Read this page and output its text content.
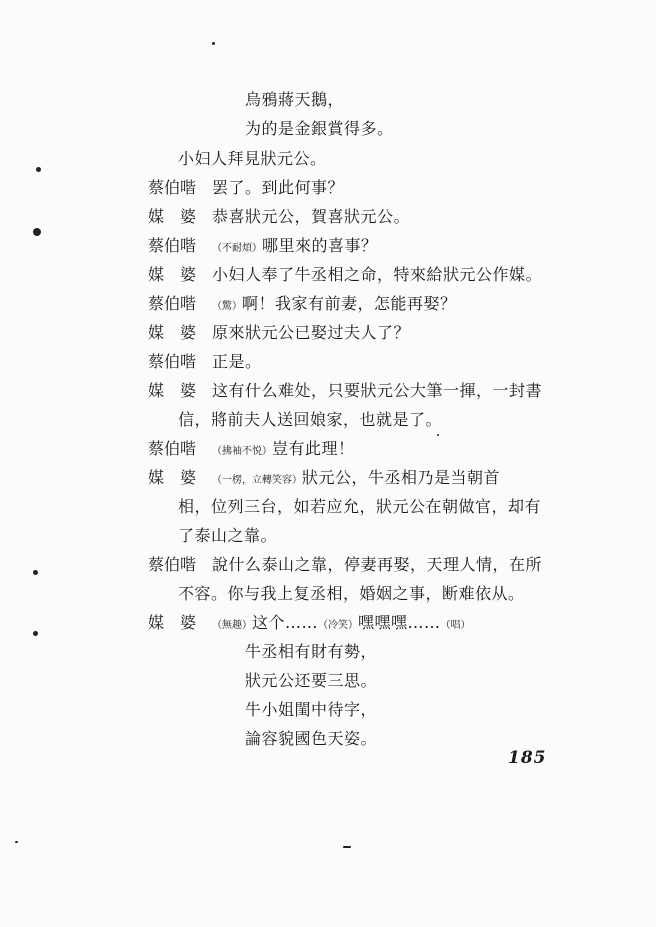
烏鴉蔣天鵝，
为的是金銀賞得多。
小妇人拜見狀元公。
蔡伯喈 罢了。到此何事？
媒　婆 恭喜狀元公，賀喜狀元公。
蔡伯喈 （不耐煩）哪里來的喜事？
媒　婆 小妇人奉了牛丞相之命，特來給狀元公作媒。
蔡伯喈 （驚）啊！我家有前妻，怎能再娶？
媒　婆 原來狀元公已娶过夫人了？
蔡伯喈 正是。
媒　婆 这有什么难处，只要狀元公大筆一揮，一封書
信，將前夫人送回娘家，也就是了。
蔡伯喈 （拂袖不悦）豈有此理！
媒　婆 （一楞，立轉笑容）狀元公，牛丞相乃是当朝首
相，位列三台，如若应允，狀元公在朝做官，却有
了泰山之靠。
蔡伯喈 說什么泰山之靠，停妻再娶，天理人情，在所
不容。你与我上复丞相，婚姻之事，断难依从。
媒　婆 （無趣）这个……（冷笑）嘿嘿嘿……（唱）
牛丞相有財有勢，
狀元公还要三思。
牛小姐閨中待字，
論容貌國色天姿。
185
